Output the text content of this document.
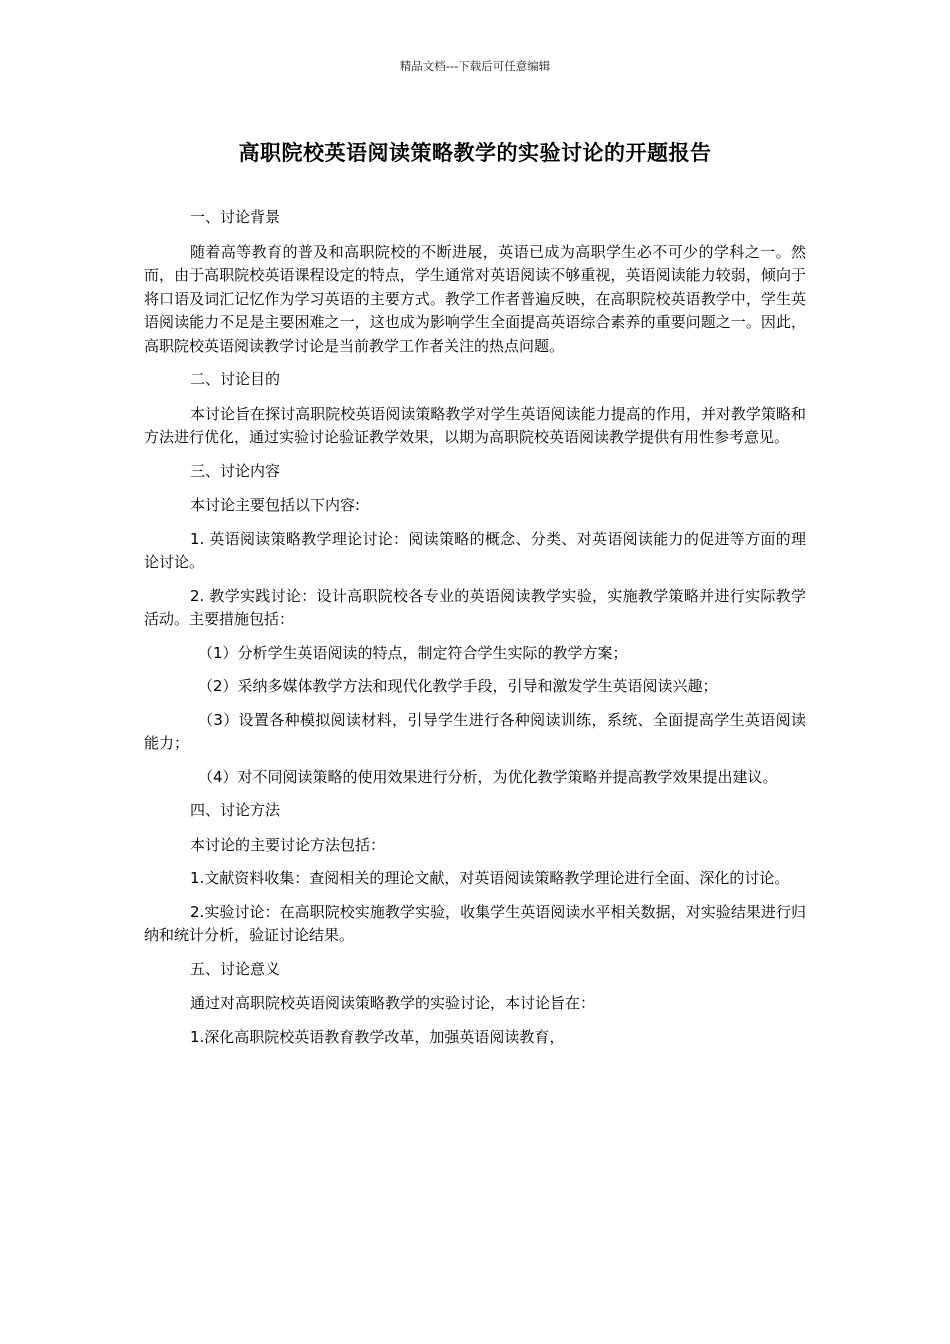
精品文档---下载后可任意编辑
高职院校英语阅读策略教学的实验讨论的开题报告

一、讨论背景

随着高等教育的普及和高职院校的不断进展，英语已成为高职学生必不可少的学科之一。然而，由于高职院校英语课程设定的特点，学生通常对英语阅读不够重视，英语阅读能力较弱，倾向于将口语及词汇记忆作为学习英语的主要方式。教学工作者普遍反映，在高职院校英语教学中，学生英语阅读能力不足是主要困难之一，这也成为影响学生全面提高英语综合素养的重要问题之一。因此，高职院校英语阅读教学讨论是当前教学工作者关注的热点问题。

二、讨论目的

本讨论旨在探讨高职院校英语阅读策略教学对学生英语阅读能力提高的作用，并对教学策略和方法进行优化，通过实验讨论验证教学效果，以期为高职院校英语阅读教学提供有用性参考意见。

三、讨论内容

本讨论主要包括以下内容:

1. 英语阅读策略教学理论讨论：阅读策略的概念、分类、对英语阅读能力的促进等方面的理论讨论。

2. 教学实践讨论：设计高职院校各专业的英语阅读教学实验，实施教学策略并进行实际教学活动。主要措施包括：

（1）分析学生英语阅读的特点，制定符合学生实际的教学方案；

（2）采纳多媒体教学方法和现代化教学手段，引导和激发学生英语阅读兴趣；

（3）设置各种模拟阅读材料，引导学生进行各种阅读训练，系统、全面提高学生英语阅读能力；

（4）对不同阅读策略的使用效果进行分析，为优化教学策略并提高教学效果提出建议。

四、讨论方法

本讨论的主要讨论方法包括：

1.文献资料收集：查阅相关的理论文献，对英语阅读策略教学理论进行全面、深化的讨论。

2.实验讨论：在高职院校实施教学实验，收集学生英语阅读水平相关数据，对实验结果进行归纳和统计分析，验证讨论结果。

五、讨论意义

通过对高职院校英语阅读策略教学的实验讨论，本讨论旨在：

1.深化高职院校英语教育教学改革，加强英语阅读教育，
